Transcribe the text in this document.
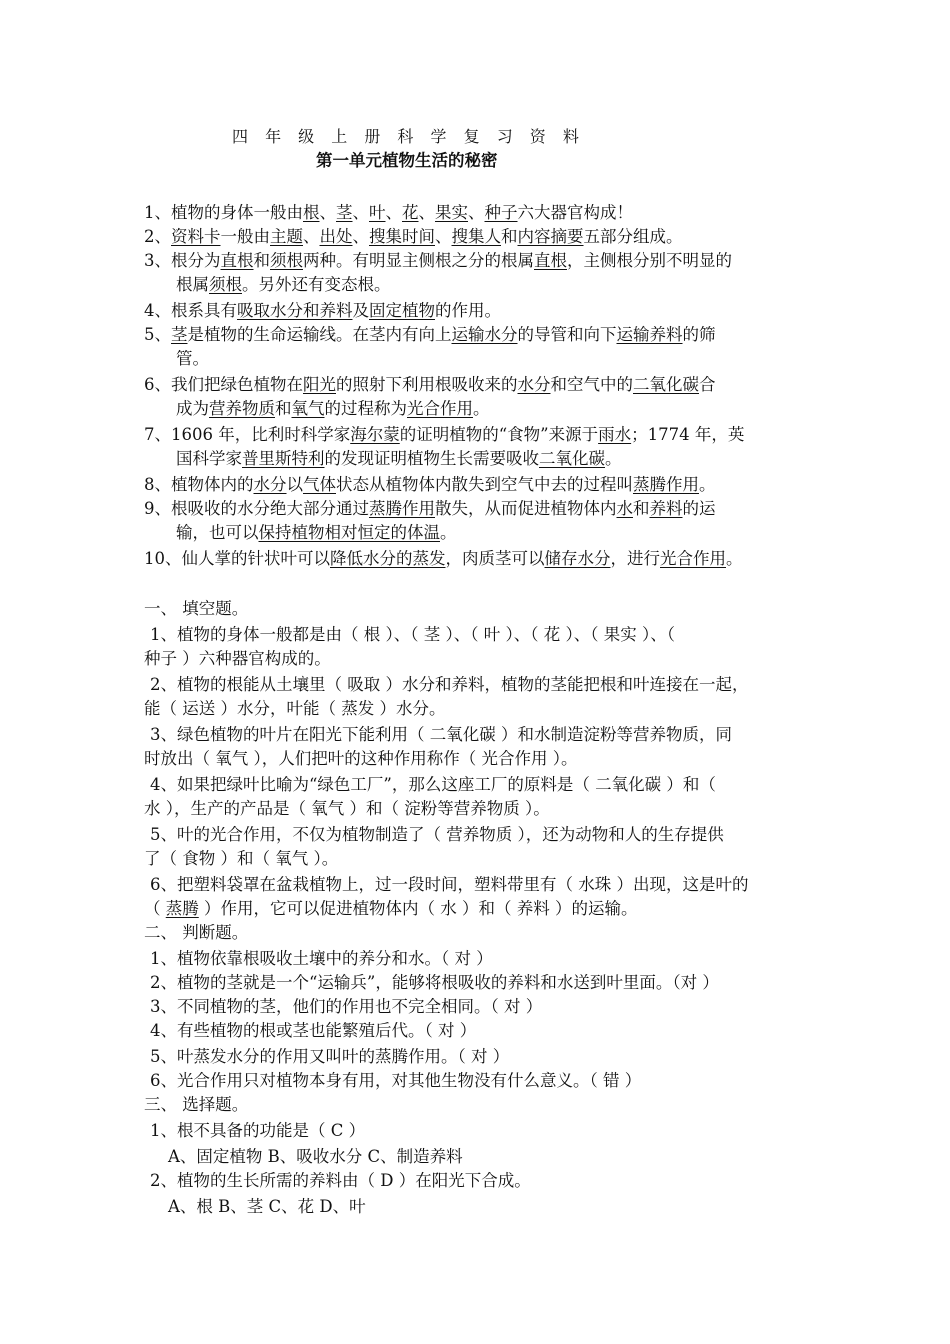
四 年 级 上 册 科 学 复 习 资 料
第一单元植物生活的秘密
1、植物的身体一般由根、茎、叶、花、果实、种子六大器官构成！
2、资料卡一般由主题、出处、搜集时间、搜集人和内容摘要五部分组成。
3、根分为直根和须根两种。有明显主侧根之分的根属直根，主侧根分别不明显的
根属须根。另外还有变态根。
4、根系具有吸取水分和养料及固定植物的作用。
5、茎是植物的生命运输线。在茎内有向上运输水分的导管和向下运输养料的筛
管。
6、我们把绿色植物在阳光的照射下利用根吸收来的水分和空气中的二氧化碳合
成为营养物质和氧气的过程称为光合作用。
7、1606 年，比利时科学家海尔蒙的证明植物的“食物”来源于雨水；1774 年，英
国科学家普里斯特利的发现证明植物生长需要吸收二氧化碳。
8、植物体内的水分以气体状态从植物体内散失到空气中去的过程叫蒸腾作用。
9、根吸收的水分绝大部分通过蒸腾作用散失，从而促进植物体内水和养料的运
输，也可以保持植物相对恒定的体温。
10、仙人掌的针状叶可以降低水分的蒸发，肉质茎可以储存水分，进行光合作用。
一、 填空题。
1、植物的身体一般都是由（ 根 ）、（ 茎 ）、（ 叶 ）、（ 花 ）、（ 果实 ）、（
种子 ）六种器官构成的。
2、植物的根能从土壤里（ 吸取 ）水分和养料，植物的茎能把根和叶连接在一起，
能（ 运送 ）水分，叶能（ 蒸发 ）水分。
3、绿色植物的叶片在阳光下能利用（ 二氧化碳 ）和水制造淀粉等营养物质，同
时放出（ 氧气 ），人们把叶的这种作用称作（ 光合作用 ）。
4、如果把绿叶比喻为“绿色工厂”，那么这座工厂的原料是（ 二氧化碳 ）和（
水 ），生产的产品是（ 氧气 ）和（ 淀粉等营养物质 ）。
5、叶的光合作用，不仅为植物制造了（ 营养物质 ），还为动物和人的生存提供
了（ 食物 ）和（ 氧气 ）。
6、把塑料袋罩在盆栽植物上，过一段时间，塑料带里有（ 水珠 ）出现，这是叶的
（ 蒸腾 ）作用，它可以促进植物体内（ 水 ）和（ 养料 ）的运输。
二、 判断题。
1、植物依靠根吸收土壤中的养分和水。（ 对 ）
2、植物的茎就是一个“运输兵”，能够将根吸收的养料和水送到叶里面。（对 ）
3、不同植物的茎，他们的作用也不完全相同。（ 对 ）
4、有些植物的根或茎也能繁殖后代。（ 对 ）
5、叶蒸发水分的作用又叫叶的蒸腾作用。（ 对 ）
6、光合作用只对植物本身有用，对其他生物没有什么意义。（ 错 ）
三、 选择题。
1、根不具备的功能是（ C ）
A、固定植物 B、吸收水分 C、制造养料
2、植物的生长所需的养料由（ D ）在阳光下合成。
A、根 B、茎 C、花 D、叶
